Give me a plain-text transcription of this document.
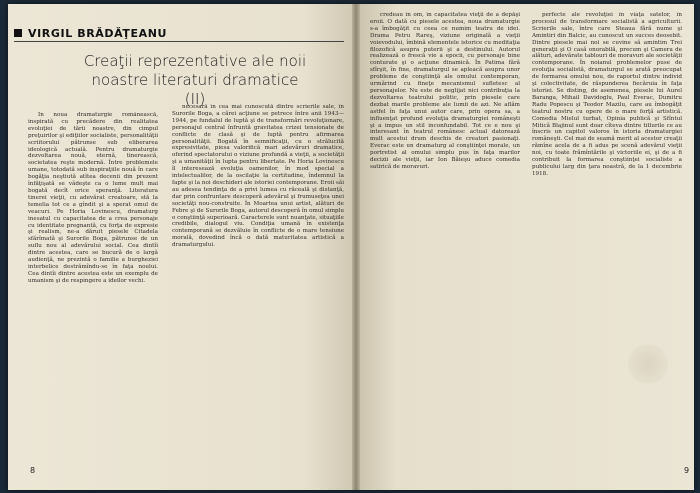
VIRGIL BRĂDĂŢEANU
Creaţii reprezentative ale noii
noastre literaturi dramatice
(II)

În noua dramaturgie românească, inspirată cu precădere din realitatea evoluţiei de tării noastre, din cimpul preţuirilor şi ediţiilor socialiste, personalităţii scriitorului pătrunse sub eliberarea ideologică actuală. Pentru dramaturgie dezvoltarea nouă, eternă, tinerească, societatea reşte modernă. Între problemele umane, totodată sub inspiraţiile nouă în care bogăţia neştiută atîtea decenii din prezent înfăţişată se vădeşte ca o lume mult mai bogată decît orice speranţă. Literatura tinerei vieţii, cu adevărat creatoare, stă la temelia tot ce a gîndit şi a sperat omul de veacuri. Pe Horia Lovinescu, dramaturg inesatul cu capacitatea de a crea personaje cu identitate pregnantă, cu forţa de expresie şi realism, ne-a dăruit piesele Citadela sfărîmată şi Surorile Boga, pătrunse de un suflu nou al adevărului social. Cea dintîi dintre acestea, care se bucură de o largă audienţă, ne prezintă o familie a burgheziei interbelice destrămîndu-se în faţa noului. Cea dintîi dintre acestea este un exemplu de umanism şi de respingere a ideilor vechi.

necesară în cea mai cunoscută dintre scrierile sale, în Surorile Boga, a cărei acţiune se petrece între anii 1943—1944, pe fundalul de luptă şi de transformări revoluţionare, personajul central înfruntă gravitatea crizei tensionate de conflicte de clasă şi de luptă pentru afirmarea personalităţii. Bogată în semnificaţii, cu o strălucită expresivitate, piesa valorifică mari adevăruri dramatice, oferind spectatorului o viziune profundă a vieţii, a societăţii şi a umanităţii în lupta pentru libertate. Pe Horia Lovinescu îl interesează evoluţia oamenilor, în mod special a intelectualilor, de la oscilaţie la certitudine, îndemnul la fapte şi la noi deschideri ale istoriei contemporane. Eroii săi au adesea tendinţa de a privi lumea cu răceală şi distanţă, dar prin confruntare descoperă adevărul şi frumuseţea unei societăţi nou-construite. În Moartea unui artist, alături de Febre şi de Surorile Boga, autorul descoperă în omul simplu o conştiinţă superioară. Caracterele sunt nuanţate, situaţiile credibile, dialogul viu. Condiţia umană în existenţa contemporană se dezvăluie în conflicte de o mare tensiune morală, dovedind încă o dată maturitatea artistică a dramaturgului.

credeau în om, în capacitatea vieţii de a depăşi eroii. O dată cu piesele acestea, noua dramaturgie s-a îmbogăţit cu ceea ce numim teatru de idei. Drama Petru Rareş, viziune originală a vieţii voievodului, îmbină elementele istorice cu meditaţia filozofică asupra puterii şi a destinului. Autorul realizează o frescă vie a epocii, cu personaje bine conturate şi o acţiune dinamică. În Patima fără sfîrşit, în fine, dramaturgul se apleacă asupra unor probleme de conştiinţă ale omului contemporan, urmărind cu fineţe mecanismul sufletesc al personajelor. Nu este de neglijat nici contribuţia la dezvoltarea teatrului politic, prin piesele care dezbat marile probleme ale lumii de azi. Ne aflăm astfel în faţa unui autor care, prin opera sa, a influenţat profund evoluţia dramaturgiei româneşti şi a impus un stil inconfundabil. Tot ce e nou şi interesant în teatrul românesc actual datorează mult acestui drum deschis de creatori pasionaţi. Everac este un dramaturg al conştiinţei morale, un portretist al omului simplu pus în faţa marilor decizii ale vieţii, iar Ion Băieşu aduce comedia satirică de moravuri.

perfecte ale revoluţiei în viaţa satelor, în procesul de transformare socialistă a agriculturii. Scrierile sale, între care Steaua fără nume şi Amintiri din Balcic, au cunoscut un succes deosebit. Dintre piesele mai noi se cuvine să amintim Trei generaţii şi O casă onorabilă, precum şi Camera de alături, adevărate tablouri de moravuri ale societăţii contemporane. În noianul problemelor puse de evoluţia socialistă, dramaturgul se arată preocupat de formarea omului nou, de raportul dintre individ şi colectivitate, de răspunderea fiecăruia în faţa istoriei. Se disting, de asemenea, piesele lui Aurel Baranga, Mihail Davidoglu, Paul Everac, Dumitru Radu Popescu şi Teodor Mazilu, care au îmbogăţit teatrul nostru cu opere de o mare forţă artistică. Comedia Mielul turbat, Opinia publică şi Sfîntul Mitică Blajinul sunt doar cîteva dintre titlurile ce au înscris un capitol valoros în istoria dramaturgiei româneşti. Cel mai de seamă merit al acestor creaţii rămîne acela de a fi adus pe scenă adevărul vieţii noi, cu toate frămîntările şi victoriile ei, şi de a fi contribuit la formarea conştiinţei socialiste a publicului larg din ţara noastră, de la 1 decembrie 1918.

8	9
